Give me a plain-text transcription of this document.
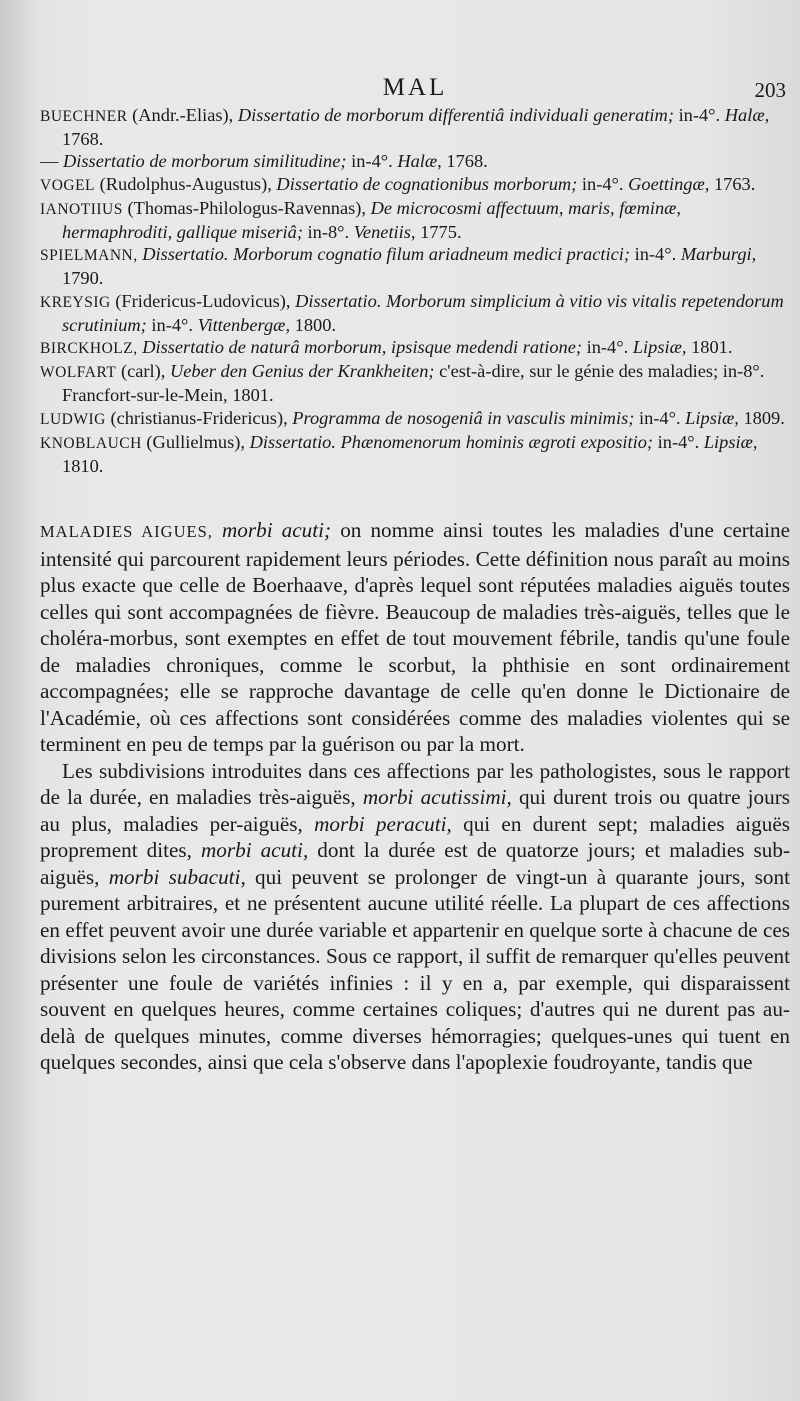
MAL	203

BUECHNER (Andr.-Elias), Dissertatio de morborum differentiâ individuali generatim; in-4°. Halæ, 1768.

— Dissertatio de morborum similitudine; in-4°. Halæ, 1768.

VOGEL (Rudolphus-Augustus), Dissertatio de cognationibus morborum; in-4°. Goettingæ, 1763.

IANOTIIUS (Thomas-Philologus-Ravennas), De microcosmi affectuum, maris, fœminæ, hermaphroditi, gallique miseriâ; in-8°. Venetiis, 1775.

SPIELMANN, Dissertatio. Morborum cognatio filum ariadneum medici practici; in-4°. Marburgi, 1790.

KREYSIG (Fridericus-Ludovicus), Dissertatio. Morborum simplicium à vitio vis vitalis repetendorum scrutinium; in-4°. Vittenbergæ, 1800.

BIRCKHOLZ, Dissertatio de naturâ morborum, ipsisque medendi ratione; in-4°. Lipsiæ, 1801.

WOLFART (carl), Ueber den Genius der Krankheiten; c'est-à-dire, sur le génie des maladies; in-8°. Francfort-sur-le-Mein, 1801.

LUDWIG (christianus-Fridericus), Programma de nosogeniâ in vasculis minimis; in-4°. Lipsiæ, 1809.

KNOBLAUCH (Gullielmus), Dissertatio. Phænomenorum hominis ægroti expositio; in-4°. Lipsiæ, 1810.

MALADIES AIGUES, morbi acuti; on nomme ainsi toutes les maladies d'une certaine intensité qui parcourent rapidement leurs périodes. Cette définition nous paraît au moins plus exacte que celle de Boerhaave, d'après lequel sont réputées maladies aiguës toutes celles qui sont accompagnées de fièvre. Beaucoup de maladies très-aiguës, telles que le choléra-morbus, sont exemptes en effet de tout mouvement fébrile, tandis qu'une foule de maladies chroniques, comme le scorbut, la phthisie en sont ordinairement accompagnées; elle se rapproche davantage de celle qu'en donne le Dictionaire de l'Académie, où ces affections sont considérées comme des maladies violentes qui se terminent en peu de temps par la guérison ou par la mort.

Les subdivisions introduites dans ces affections par les pathologistes, sous le rapport de la durée, en maladies très-aiguës, morbi acutissimi, qui durent trois ou quatre jours au plus, maladies per-aiguës, morbi peracuti, qui en durent sept; maladies aiguës proprement dites, morbi acuti, dont la durée est de quatorze jours; et maladies sub-aiguës, morbi subacuti, qui peuvent se prolonger de vingt-un à quarante jours, sont purement arbitraires, et ne présentent aucune utilité réelle. La plupart de ces affections en effet peuvent avoir une durée variable et appartenir en quelque sorte à chacune de ces divisions selon les circonstances. Sous ce rapport, il suffit de remarquer qu'elles peuvent présenter une foule de variétés infinies : il y en a, par exemple, qui disparaissent souvent en quelques heures, comme certaines coliques; d'autres qui ne durent pas au-delà de quelques minutes, comme diverses hémorragies; quelques-unes qui tuent en quelques secondes, ainsi que cela s'observe dans l'apoplexie foudroyante, tandis que
